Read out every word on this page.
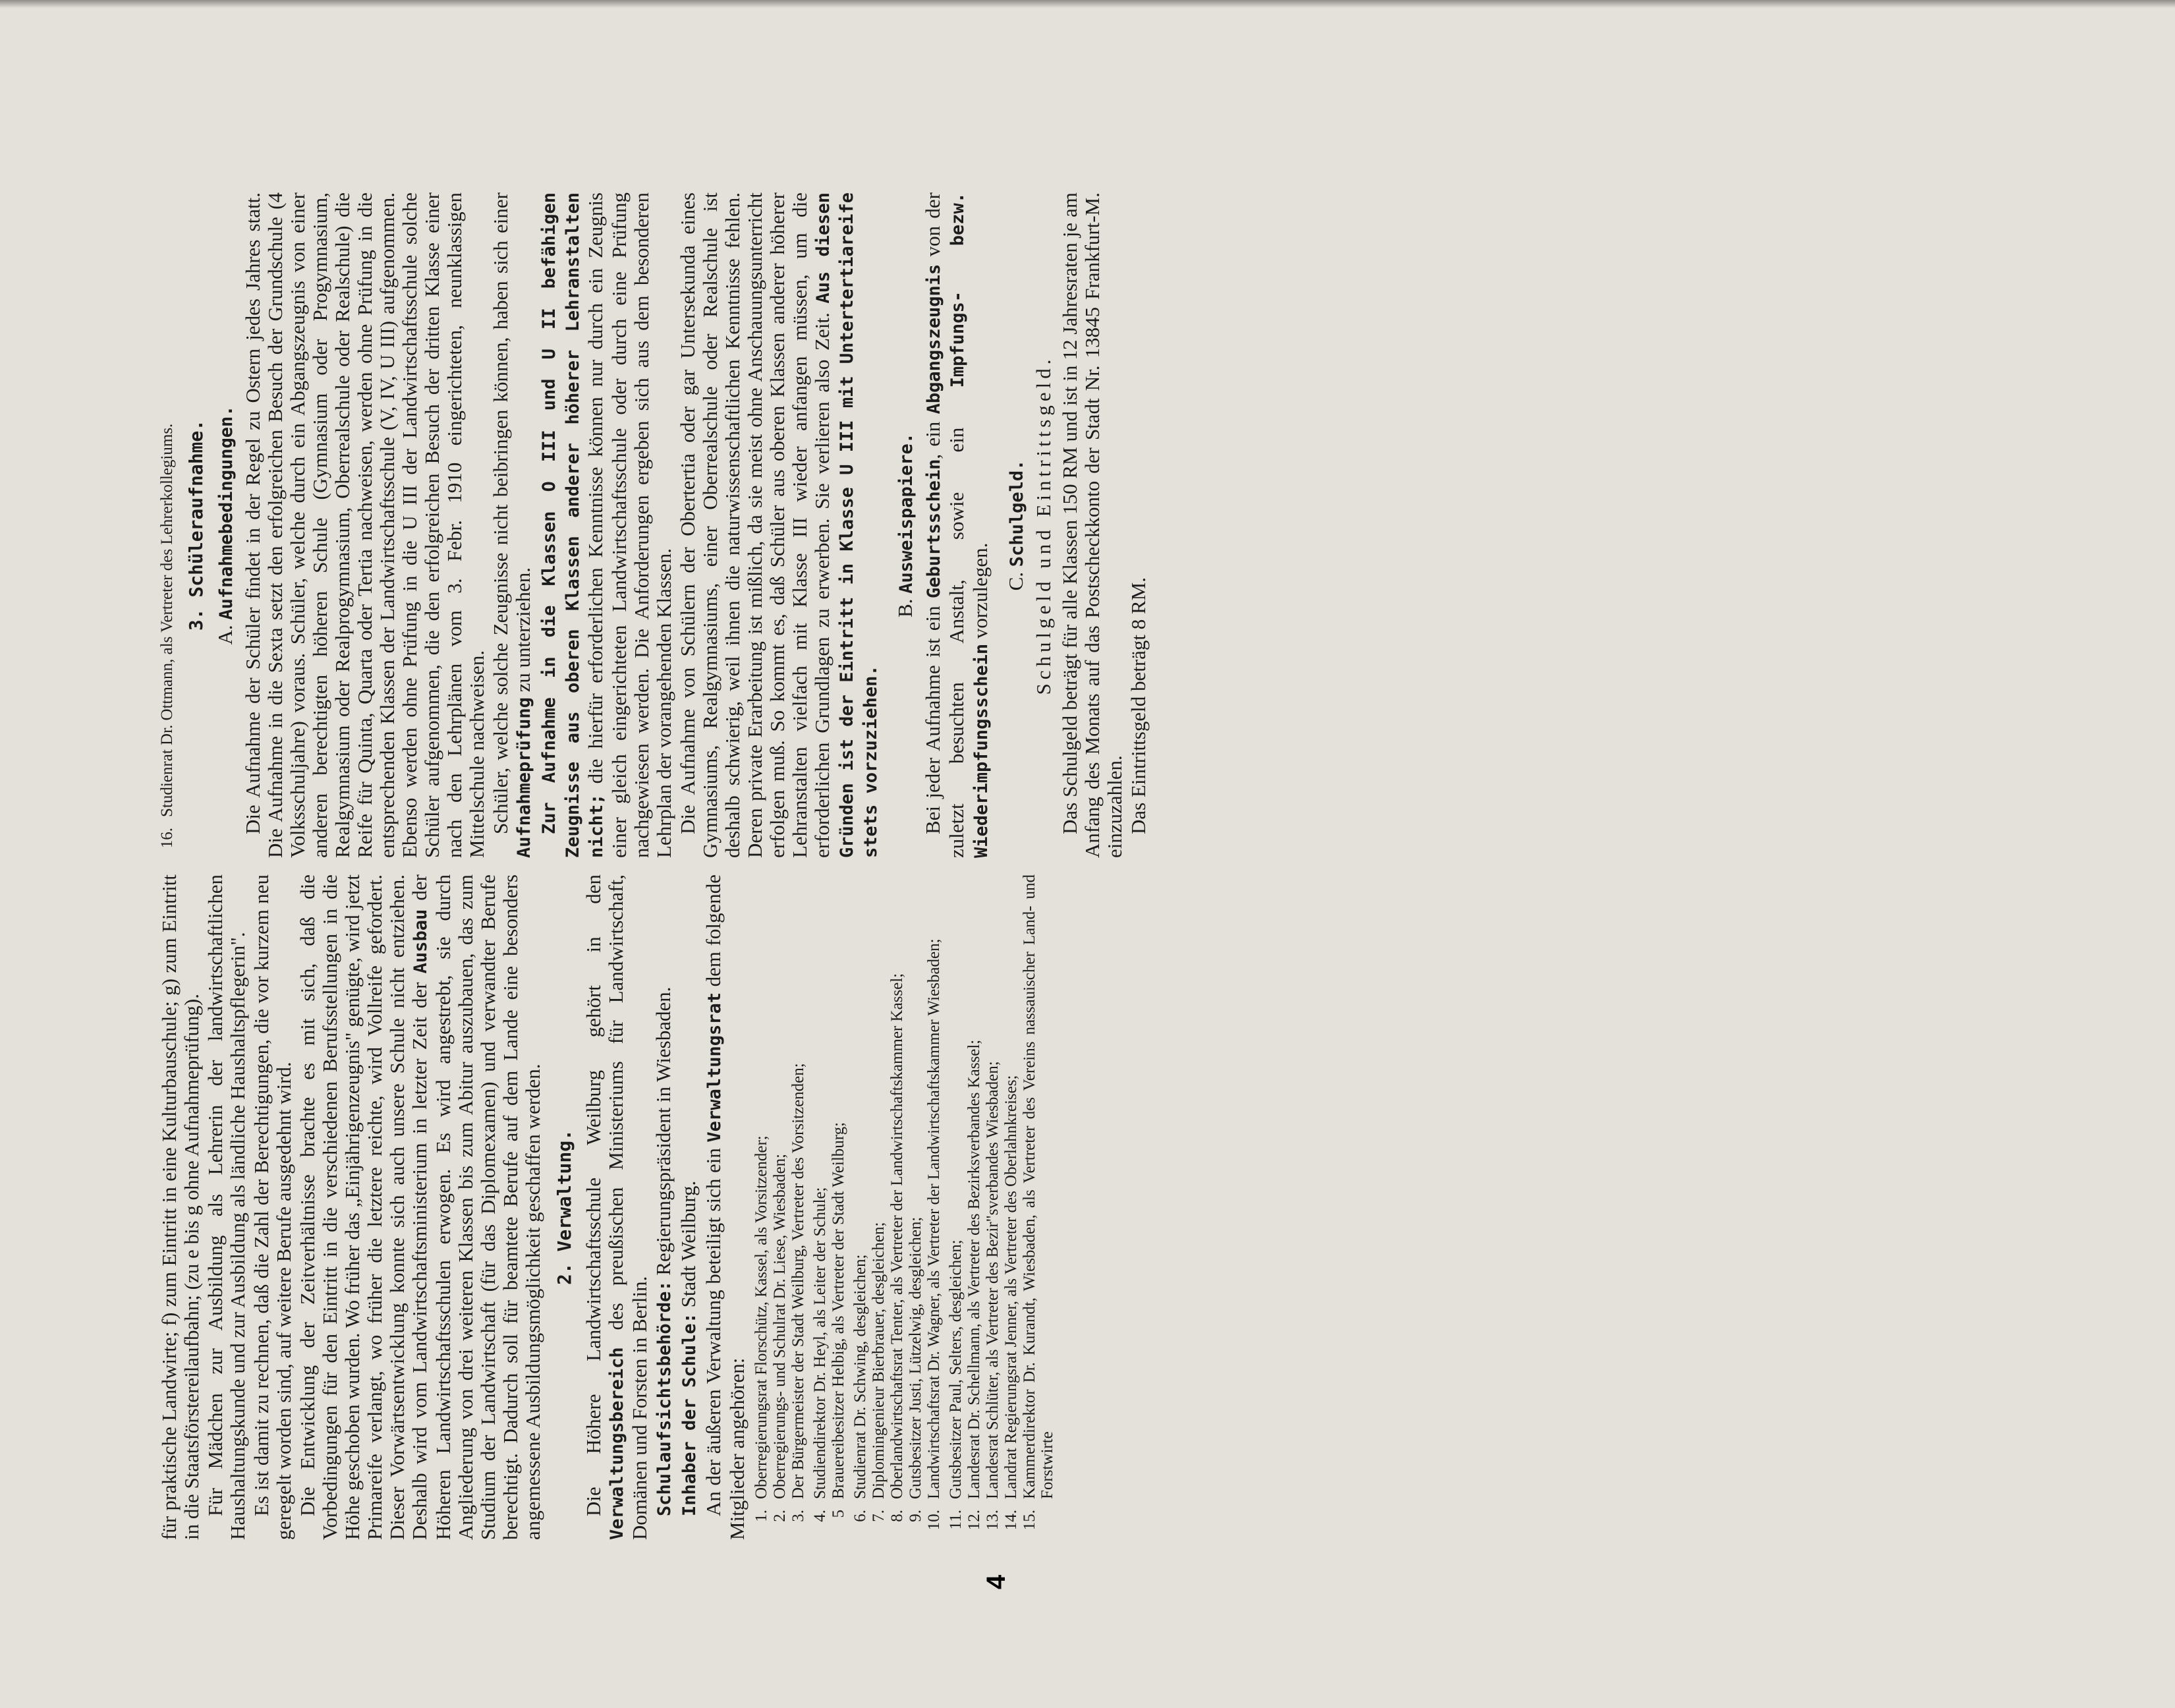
für praktische Landwirte; f) zum Eintritt in eine Kulturbauschule; g) zum Eintritt in die Staatsförstereilaufbahn; (zu e bis g ohne Aufnahmeprüfung). Für Mädchen zur Ausbildung als Lehrerin der landwirtschaftlichen Haushaltungskunde und zur Ausbildung als ländliche Haushaltspflegerin". Es ist damit zu rechnen, daß die Zahl der Berechtigungen, die vor kurzem neu geregelt worden sind, auf weitere Berufe ausgedehnt wird. Die Entwicklung der Zeitverhältnisse brachte es mit sich, daß die Vorbedingungen für den Eintritt in die verschiedenen Berufsstellungen in die Höhe geschoben wurden. Wo früher das „Einjährigenzeugnis" genügte, wird jetzt Primareife verlangt, wo früher die letztere reichte, wird Vollreife gefordert. Dieser Vorwärtsentwicklung konnte sich auch unsere Schule nicht entziehen. Deshalb wird vom Landwirtschaftsministerium in letzter Zeit der Ausbau der Höheren Landwirtschaftsschulen erwogen. Es wird angestrebt, sie durch Angliederung von drei weiteren Klassen bis zum Abitur auszubauen, das zum Studium der Landwirtschaft (für das Diplomexamen) und verwandter Berufe berechtigt. Dadurch soll für beamtete Berufe auf dem Lande eine besonders angemessene Ausbildungsmöglichkeit geschaffen werden. 2. Verwaltung. Die Höhere Landwirtschaftsschule Weilburg gehört in den Verwaltungsbereich des preußischen Ministeriums für Landwirtschaft, Domänen und Forsten in Berlin. Schulaufsichtsbehörde: Regierungspräsident in Wiesbaden.

Inhaber der Schule: Stadt Weilburg. An der äußeren Verwaltung beteiligt sich ein Verwaltungsrat dem folgende Mitglieder angehören: 1.
Oberregierungsrat Florschütz, Kassel, als Vorsitzender;
2.
Oberregierungs- und Schulrat Dr. Liese, Wiesbaden;
3.
Der Bürgermeister der Stadt Weilburg, Vertreter des Vorsitzenden;
4.
Studiendirektor Dr. Heyl, als Leiter der Schule;
5
Brauereibesitzer Helbig, als Vertreter der Stadt Weilburg;
6.
Studienrat Dr. Schwing, desgleichen;
7.
Diplomingenieur Bierbrauer, desgleichen;
8.
Oberlandwirtschaftsrat Tenter, als Vertreter der Landwirtschaftskammer Kassel;
9.
Gutsbesitzer Justi, Lützelwig, desgleichen;
10.
Landwirtschaftsrat Dr. Wagner, als Vertreter der Landwirtschaftskammer Wiesbaden;
11.
Gutsbesitzer Paul, Selters, desgleichen;
12.
Landesrat Dr. Schellmann, als Vertreter des Bezirksverbandes Kassel;
13.
Landesrat Schlüter, als Vertreter des Bezir"sverbandes Wiesbaden;
14.
Landrat Regierungsrat Jenner, als Vertreter des Oberlahnkreises;
15.
Kammerdirektor Dr. Kurandt, Wiesbaden, als Vertreter des Vereins nassauischer Land- und Forstwirte
16.
Studienrat Dr. Ottmann, als Vertreter des Lehrerkollegiums. 3. Schüleraufnahme.
A. Aufnahmebedingungen. Die Aufnahme der Schüler findet in der Regel zu Ostern jedes Jahres statt. Die Aufnahme in die Sexta setzt den erfolgreichen Besuch der Grundschule (4 Volksschuljahre) voraus. Schüler, welche durch ein Abgangszeugnis von einer anderen berechtigten höheren Schule (Gymnasium oder Progymnasium, Realgymnasium oder Realprogymnasium, Oberrealschule oder Realschule) die Reife für Quinta, Quarta oder Tertia nachweisen, werden ohne Prüfung in die entsprechenden Klassen der Landwirtschaftsschule (V, IV, U III) aufgenommen. Ebenso werden ohne Prüfung in die U III der Landwirtschaftsschule solche Schüler aufgenommen, die den erfolgreichen Besuch der dritten Klasse einer nach den Lehrplänen vom 3. Febr. 1910 eingerichteten, neunklassigen Mittelschule nachweisen. Schüler, welche solche Zeugnisse nicht beibringen können, haben sich einer Aufnahmeprüfung zu unterziehen. Zur Aufnahme in die Klassen O III und U II befähigen Zeugnisse aus oberen Klassen anderer höherer Lehranstalten nicht; die hierfür erforderlichen Kenntnisse können nur durch ein Zeugnis einer gleich eingerichteten Landwirtschaftsschule oder durch eine Prüfung nachgewiesen werden. Die Anforderungen ergeben sich aus dem besonderen Lehrplan der vorangehenden Klassen. Die Aufnahme von Schülern der Obertertia oder gar Untersekunda eines Gymnasiums, Realgymnasiums, einer Oberrealschule oder Realschule ist deshalb schwierig, weil ihnen die naturwissenschaftlichen Kenntnisse fehlen. Deren private Erarbeitung ist mißlich, da sie meist ohne Anschauungsunterricht erfolgen muß. So kommt es, daß Schüler aus oberen Klassen anderer höherer Lehranstalten vielfach mit Klasse III wieder anfangen müssen, um die erforderlichen Grundlagen zu erwerben. Sie verlieren also Zeit. Aus diesen Gründen ist der Eintritt in Klasse U III mit Untertertiareife stets vorzuziehen.

B. Ausweispapiere.

Bei jeder Aufnahme ist ein Geburtsschein, ein Abgangszeugnis von der zuletzt besuchten Anstalt, sowie ein Impfungs- bezw. Wiederimpfungsschein vorzulegen. C. Schulgeld. Schulgeld und Eintrittsgeld. Das Schulgeld beträgt für alle Klassen 150 RM und ist in 12 Jahresraten je am Anfang des Monats auf das Postscheckkonto der Stadt Nr. 13845 Frankfurt-M. einzuzahlen. Das Eintrittsgeld beträgt 8 RM.

4
